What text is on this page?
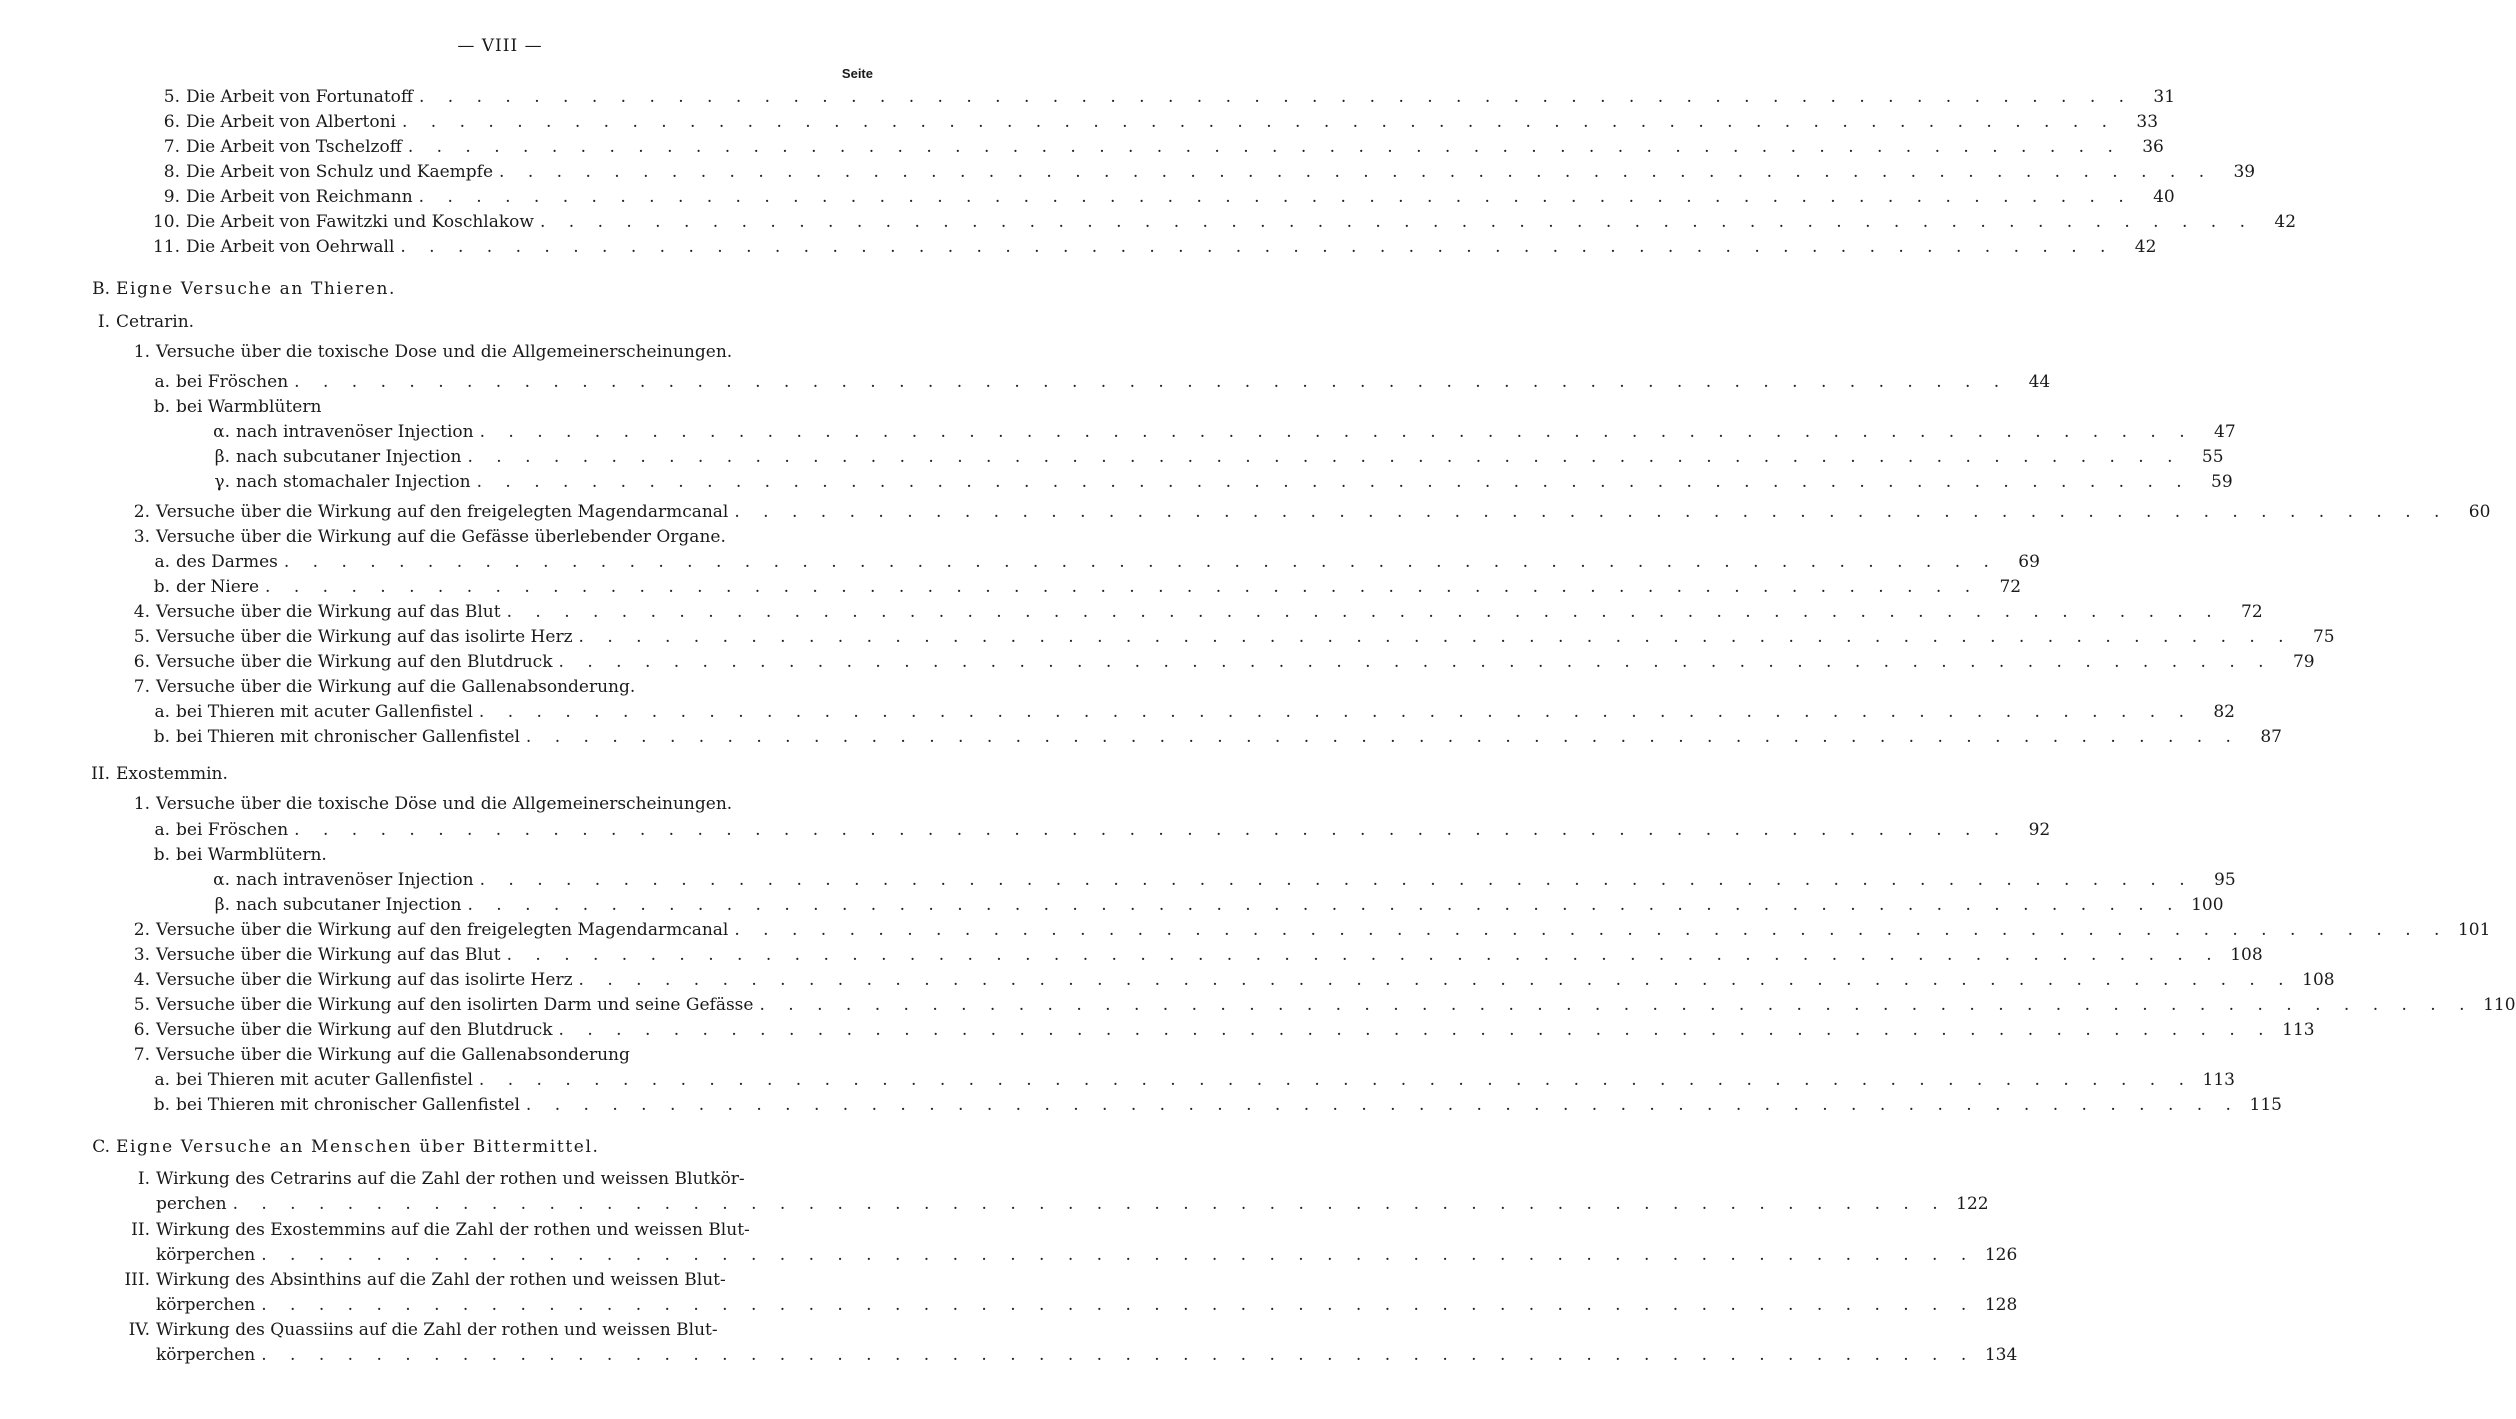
— VIII —
Seite
5. Die Arbeit von Fortunatoff . . . . . . . . . . . . . . . . . . . . . . . . . . . . . . . . . . . . . . . . . . . . . . . . . . . . . . . . . . . .	31
6. Die Arbeit von Albertoni . . . . . . . . . . . . . . . . . . . . . . . . . . . . . . . . . . . . . . . . . . . . . . . . . . . . . . . . . . . .	33
7. Die Arbeit von Tschelzoff . . . . . . . . . . . . . . . . . . . . . . . . . . . . . . . . . . . . . . . . . . . . . . . . . . . . . . . . . . . .	36
8. Die Arbeit von Schulz und Kaempfe . . . . . . . . . . . . . . . . . . . . . . . . . . . . . . . . . . . . . . . . . . . . . . . . . . . . . . . . . . . .	39
9. Die Arbeit von Reichmann . . . . . . . . . . . . . . . . . . . . . . . . . . . . . . . . . . . . . . . . . . . . . . . . . . . . . . . . . . . .	40
10. Die Arbeit von Fawitzki und Koschlakow . . . . . . . . . . . . . . . . . . . . . . . . . . . . . . . . . . . . . . . . . . . . . . . . . . . . . . . . . . . .	42
11. Die Arbeit von Oehrwall . . . . . . . . . . . . . . . . . . . . . . . . . . . . . . . . . . . . . . . . . . . . . . . . . . . . . . . . . . . .	42
B. Eigne Versuche an Thieren.
I. Cetrarin.
1. Versuche über die toxische Dose und die Allgemeinerscheinungen.
a. bei Fröschen . . . . . . . . . . . . . . . . . . . . . . . . . . . . . . . . . . . . . . . . . . . . . . . . . . . . . . . . . . . .	44
b. bei Warmblütern
α. nach intravenöser Injection . . . . . . . . . . . . . . . . . . . . . . . . . . . . . . . . . . . . . . . . . . . . . . . . . . . . . . . . . . . .	47
β. nach subcutaner Injection . . . . . . . . . . . . . . . . . . . . . . . . . . . . . . . . . . . . . . . . . . . . . . . . . . . . . . . . . . . .	55
γ. nach stomachaler Injection . . . . . . . . . . . . . . . . . . . . . . . . . . . . . . . . . . . . . . . . . . . . . . . . . . . . . . . . . . . .	59
2. Versuche über die Wirkung auf den freigelegten Magendarmcanal . . . . . . . . . . . . . . . . . . . . . . . . . . . . . . . . . . . . . . . . . . . . . . . . . . . . . . . . . . . .	60
3. Versuche über die Wirkung auf die Gefässe überlebender Organe.
a. des Darmes . . . . . . . . . . . . . . . . . . . . . . . . . . . . . . . . . . . . . . . . . . . . . . . . . . . . . . . . . . . .	69
b. der Niere . . . . . . . . . . . . . . . . . . . . . . . . . . . . . . . . . . . . . . . . . . . . . . . . . . . . . . . . . . . .	72
4. Versuche über die Wirkung auf das Blut . . . . . . . . . . . . . . . . . . . . . . . . . . . . . . . . . . . . . . . . . . . . . . . . . . . . . . . . . . . .	72
5. Versuche über die Wirkung auf das isolirte Herz . . . . . . . . . . . . . . . . . . . . . . . . . . . . . . . . . . . . . . . . . . . . . . . . . . . . . . . . . . . .	75
6. Versuche über die Wirkung auf den Blutdruck . . . . . . . . . . . . . . . . . . . . . . . . . . . . . . . . . . . . . . . . . . . . . . . . . . . . . . . . . . . .	79
7. Versuche über die Wirkung auf die Gallenabsonderung.
a. bei Thieren mit acuter Gallenfistel . . . . . . . . . . . . . . . . . . . . . . . . . . . . . . . . . . . . . . . . . . . . . . . . . . . . . . . . . . . .	82
b. bei Thieren mit chronischer Gallenfistel . . . . . . . . . . . . . . . . . . . . . . . . . . . . . . . . . . . . . . . . . . . . . . . . . . . . . . . . . . . .	87
II. Exostemmin.
1. Versuche über die toxische Döse und die Allgemeinerscheinungen.
a. bei Fröschen . . . . . . . . . . . . . . . . . . . . . . . . . . . . . . . . . . . . . . . . . . . . . . . . . . . . . . . . . . . .	92
b. bei Warmblütern.
α. nach intravenöser Injection . . . . . . . . . . . . . . . . . . . . . . . . . . . . . . . . . . . . . . . . . . . . . . . . . . . . . . . . . . . .	95
β. nach subcutaner Injection . . . . . . . . . . . . . . . . . . . . . . . . . . . . . . . . . . . . . . . . . . . . . . . . . . . . . . . . . . . . 100
2. Versuche über die Wirkung auf den freigelegten Magendarmcanal . . . . . . . . . . . . . . . . . . . . . . . . . . . . . . . . . . . . . . . . . . . . . . . . . . . . . . . . . . . . 101
3. Versuche über die Wirkung auf das Blut . . . . . . . . . . . . . . . . . . . . . . . . . . . . . . . . . . . . . . . . . . . . . . . . . . . . . . . . . . . . 108
4. Versuche über die Wirkung auf das isolirte Herz . . . . . . . . . . . . . . . . . . . . . . . . . . . . . . . . . . . . . . . . . . . . . . . . . . . . . . . . . . . . 108
5. Versuche über die Wirkung auf den isolirten Darm und seine Gefässe . . . . . . . . . . . . . . . . . . . . . . . . . . . . . . . . . . . . . . . . . . . . . . . . . . . . . . . . . . . . 110
6. Versuche über die Wirkung auf den Blutdruck . . . . . . . . . . . . . . . . . . . . . . . . . . . . . . . . . . . . . . . . . . . . . . . . . . . . . . . . . . . . 113
7. Versuche über die Wirkung auf die Gallenabsonderung
a. bei Thieren mit acuter Gallenfistel . . . . . . . . . . . . . . . . . . . . . . . . . . . . . . . . . . . . . . . . . . . . . . . . . . . . . . . . . . . . 113
b. bei Thieren mit chronischer Gallenfistel . . . . . . . . . . . . . . . . . . . . . . . . . . . . . . . . . . . . . . . . . . . . . . . . . . . . . . . . . . . . 115
C. Eigne Versuche an Menschen über Bittermittel.
I. Wirkung des Cetrarins auf die Zahl der rothen und weissen Blutkör-
perchen . . . . . . . . . . . . . . . . . . . . . . . . . . . . . . . . . . . . . . . . . . . . . . . . . . . . . . . . . . . . 122
II. Wirkung des Exostemmins auf die Zahl der rothen und weissen Blut-
körperchen . . . . . . . . . . . . . . . . . . . . . . . . . . . . . . . . . . . . . . . . . . . . . . . . . . . . . . . . . . . . 126
III. Wirkung des Absinthins auf die Zahl der rothen und weissen Blut-
körperchen . . . . . . . . . . . . . . . . . . . . . . . . . . . . . . . . . . . . . . . . . . . . . . . . . . . . . . . . . . . . 128
IV. Wirkung des Quassiins auf die Zahl der rothen und weissen Blut-
körperchen . . . . . . . . . . . . . . . . . . . . . . . . . . . . . . . . . . . . . . . . . . . . . . . . . . . . . . . . . . . . 134
